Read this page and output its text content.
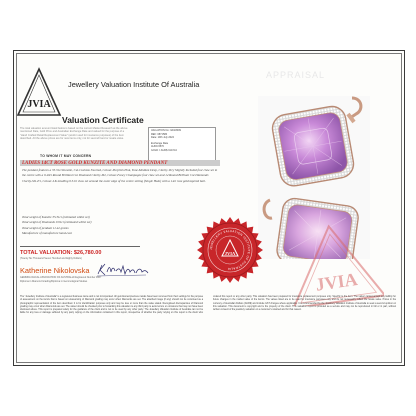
JVIA
Jewellery Valuation Institute Of Australia
APPRAISAL
Valuation Certificate
The total valuation amount listed below is based on the current Market Research at the above mentioned Date, Gold Price and Australian Exchange Rate and valued for the purpose of a "Hand Crafted Retail Replacement Value" (and/or used for insurance purposes) of the item described. All the above prices are for new items only, not for second hand or resale value.
VALUATION No: VAI18009
REF: 0871580
Date: 19th July 2024
Exchange Rate
AUD0.6570
GOLD = AUD$ 3147/oz
TO WHOM IT MAY CONCERN
LADIES 14CT ROSE GOLD KUNZITE AND DIAMOND PENDANT
The pendant features a 35.31ct Kunzite, Cut-Cushion Faceted, Colour-Purplish Pink, Tone-Medium Deep, Clarity-Very Slightly Included four claw set in the centre with a 0.40ct Round Brilliant Cut Diamond Clarity-SI2, Colour-Fancy Champagne four claw set and 14 Round Brilliant Cut Diamonds Clarity-SI1-P1, Colour-I-K totalling 0.51ct claw set around the outer edge of the centre setting (Single Halo) with a 14ct rose gold tapered bail.
Total weight of Kunzite 35.31ct (estimated whilst set)
Total weight of Diamonds 0.91ct (estimated whilst set)
Total weight of pendant 11.42 grams
Manufacture of manufacture hand-cast
TOTAL VALUATION: $26,780.00
(Twenty Six Thousand Seven Hundred and Eighty Dollars)
Katherine Nikolovska
GEMMOLOGICAL ASSOCIATION OF AUSTRALIA Registered Number 4667
Diploma in Diamond Grading/Diploma in Gemmological Studies
JVIA
JEWELLERY VALUATION INSTITUTE OF AUSTRALIA
JVIA
The "Jewellery Institute of Australia" is a registered business name and is not incorporated. All gem/stones/precious metals have been removed from their settings for the purpose of assessment on the item/s that is based on unassuming of Diamond grading may occur when Diamonds are set. The attached image (if any) should not be construed as a photographic representation of the item described. It is for identification purposes only and may be less or more than the value stated. Recognised discrepancies of Diamond grading may occur when Diamonds are set. The valuer should be checked prior to forwarding this valuation to any third party to avoid errors or omissions that may not have been disclosed above. This report is prepared solely for the guidance of the client and is not to be used by any other party. The Jewellery Valuation Institute of Australia can not be liable for any loss or damage suffered by any party relying on the information contained in this report, irrespective of whether the party relying on this report is the client who ordered this report or any other party. This valuation has been prepared for insurance replacement purposes only. Specific to the item. The valuer cannot accept any liability for future changes in the market value of the item/s. The values listed are to be used for insurance purposes only and do not necessarily reflect the resale value. Prices in the currency of Australian Dollars (AUD$) and include GST charges where applicable. It is recommended by the Jewellery Valuation Institute of Australia to seek a second opinion on this valuation. This document is copyright and is the property of the client. This valuation report is provided as a service and may not be reproduced in full or in part, without written consent of the jewellery valuation on a customer's retained and for that reason.
